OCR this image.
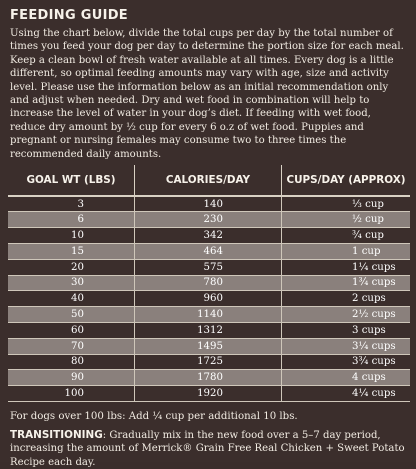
FEEDING GUIDE
Using the chart below, divide the total cups per day by the total number of times you feed your dog per day to determine the portion size for each meal. Keep a clean bowl of fresh water available at all times. Every dog is a little different, so optimal feeding amounts may vary with age, size and activity level. Please use the information below as an initial recommendation only and adjust when needed. Dry and wet food in combination will help to increase the level of water in your dog’s diet. If feeding with wet food, reduce dry amount by ½ cup for every 6 o.z of wet food. Puppies and pregnant or nursing females may consume two to three times the recommended daily amounts.
GOAL WT (LBS)	CALORIES/DAY	CUPS/DAY (APPROX)
3	140	⅓ cup
6	230	½ cup
10	342	¾ cup
15	464	1 cup
20	575	1¼ cups
30	780	1¾ cups
40	960	2 cups
50	1140	2½ cups
60	1312	3 cups
70	1495	3¼ cups
80	1725	3¾ cups
90	1780	4 cups
100	1920	4¼ cups
For dogs over 100 lbs: Add ¼ cup per additional 10 lbs.
TRANSITIONING: Gradually mix in the new food over a 5–7 day period, increasing the amount of Merrick® Grain Free Real Chicken + Sweet Potato Recipe each day.
